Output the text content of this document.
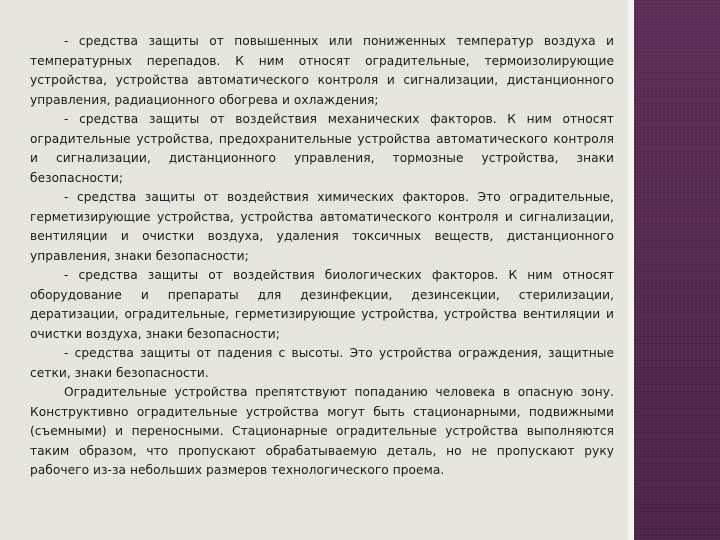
- средства защиты от повышенных или пониженных температур воздуха и температурных перепадов. К ним относят оградительные, термоизолирующие устройства, устройства автоматического контроля и сигнализации, дистанционного управления, радиационного обогрева и охлаждения;

- средства защиты от воздействия механических факторов. К ним относят оградительные устройства, предохранительные устройства автоматического контроля и сигнализации, дистанционного управления, тормозные устройства, знаки безопасности;

- средства защиты от воздействия химических факторов. Это оградительные, герметизирующие устройства, устройства автоматического контроля и сигнализации, вентиляции и очистки воздуха, удаления токсичных веществ, дистанционного управления, знаки безопасности;

- средства защиты от воздействия биологических факторов. К ним относят оборудование и препараты для дезинфекции, дезинсекции, стерилизации, дератизации, оградительные, герметизирующие устройства, устройства вентиляции и очистки воздуха, знаки безопасности;

- средства защиты от падения с высоты. Это устройства ограждения, защитные сетки, знаки безопасности.

Оградительные устройства препятствуют попаданию человека в опасную зону. Конструктивно оградительные устройства могут быть стационарными, подвижными (съемными) и переносными. Стационарные оградительные устройства выполняются таким образом, что пропускают обрабатываемую деталь, но не пропускают руку рабочего из-за небольших размеров технологического проема.
